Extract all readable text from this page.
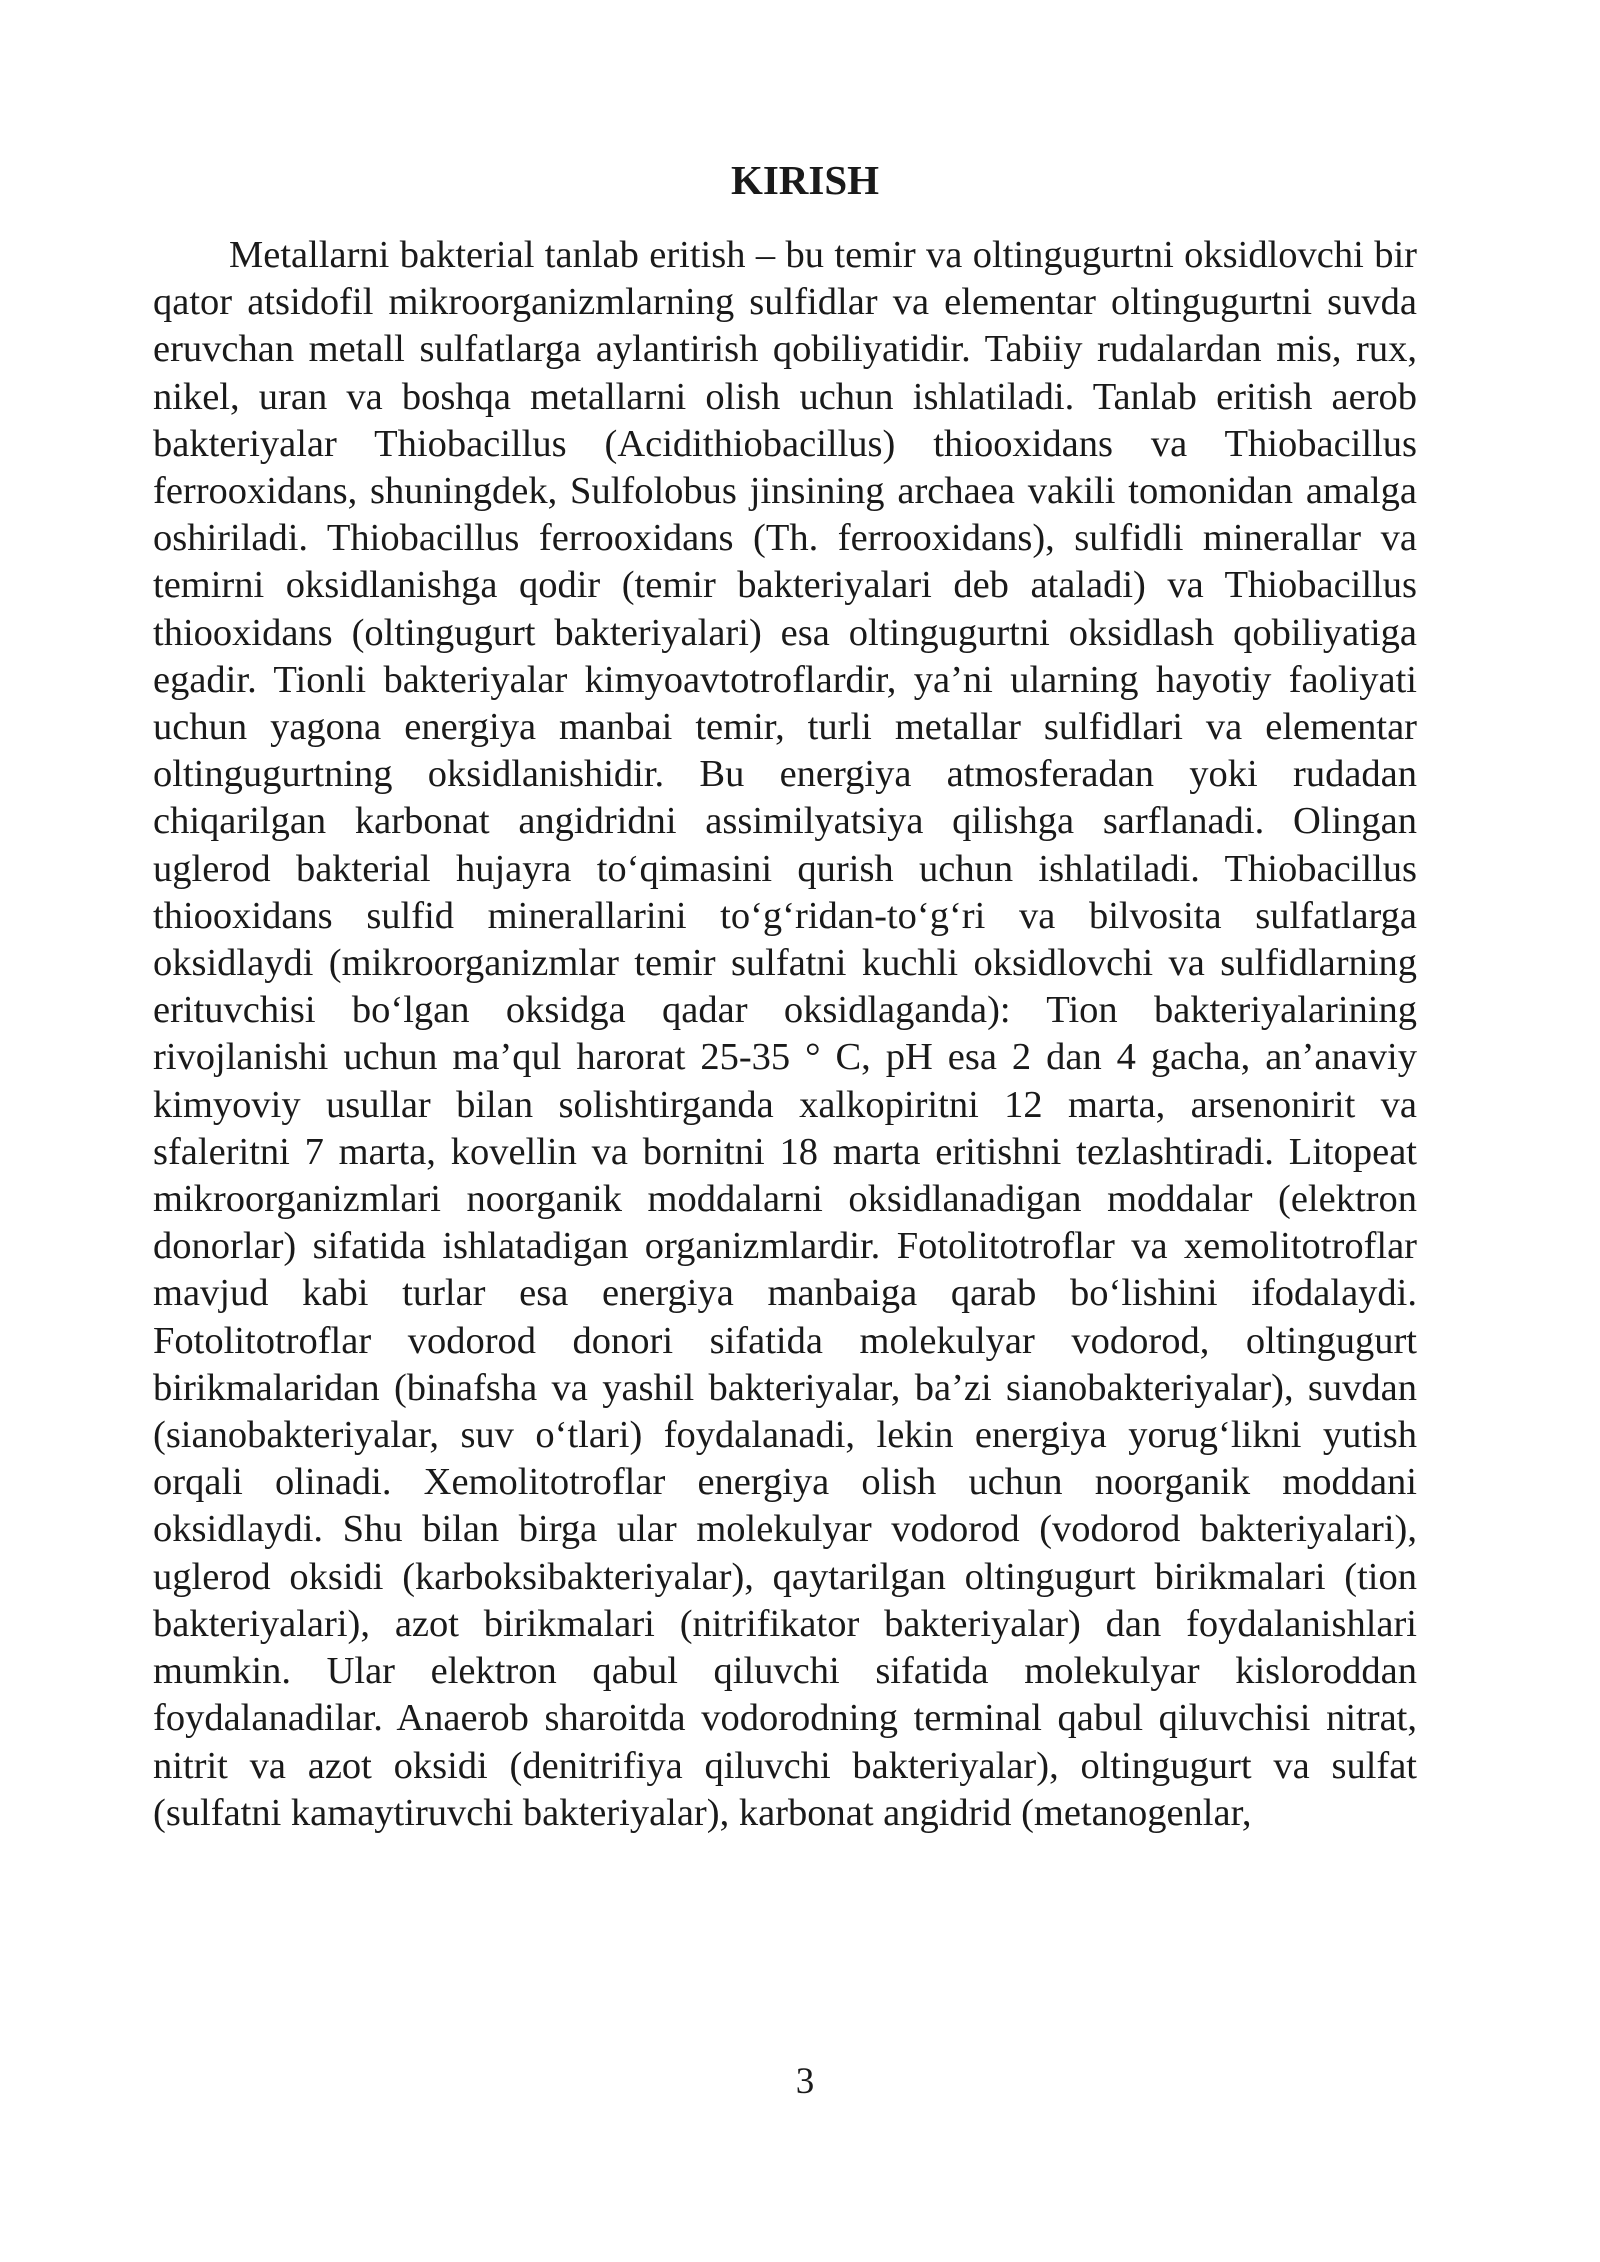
KIRISH

Metallarni bakterial tanlab eritish – bu temir va oltingugurtni oksidlovchi bir qator atsidofil mikroorganizmlarning sulfidlar va elementar oltingugurtni suvda eruvchan metall sulfatlarga aylantirish qobiliyatidir. Tabiiy rudalardan mis, rux, nikel, uran va boshqa metallarni olish uchun ishlatiladi. Tanlab eritish aerob bakteriyalar Thiobacillus (Acidithiobacillus) thiooxidans va Thiobacillus ferrooxidans, shuningdek, Sulfolobus jinsining archaea vakili tomonidan amalga oshiriladi. Thiobacillus ferrooxidans (Th. ferrooxidans), sulfidli minerallar va temirni oksidlanishga qodir (temir bakteriyalari deb ataladi) va Thiobacillus thiooxidans (oltingugurt bakteriyalari) esa oltingugurtni oksidlash qobiliyatiga egadir. Tionli bakteriyalar kimyoavtotroflardir, ya’ni ularning hayotiy faoliyati uchun yagona energiya manbai temir, turli metallar sulfidlari va elementar oltingugurtning oksidlanishidir. Bu energiya atmosferadan yoki rudadan chiqarilgan karbonat angidridni assimilyatsiya qilishga sarflanadi. Olingan uglerod bakterial hujayra to‘qimasini qurish uchun ishlatiladi. Thiobacillus thiooxidans sulfid minerallarini to‘g‘ridan-to‘g‘ri va bilvosita sulfatlarga oksidlaydi (mikroorganizmlar temir sulfatni kuchli oksidlovchi va sulfidlarning erituvchisi bo‘lgan oksidga qadar oksidlaganda): Tion bakteriyalarining rivojlanishi uchun ma’qul harorat 25-35 ° C, pH esa 2 dan 4 gacha, an’anaviy kimyoviy usullar bilan solishtirganda xalkopiritni 12 marta, arsenonirit va sfaleritni 7 marta, kovellin va bornitni 18 marta eritishni tezlashtiradi. Litopeat mikroorganizmlari noorganik moddalarni oksidlanadigan moddalar (elektron donorlar) sifatida ishlatadigan organizmlardir. Fotolitotroflar va xemolitotroflar mavjud kabi turlar esa energiya manbaiga qarab bo‘lishini ifodalaydi. Fotolitotroflar vodorod donori sifatida molekulyar vodorod, oltingugurt birikmalaridan (binafsha va yashil bakteriyalar, ba’zi sianobakteriyalar), suvdan (sianobakteriyalar, suv o‘tlari) foydalanadi, lekin energiya yorug‘likni yutish orqali olinadi. Xemolitotroflar energiya olish uchun noorganik moddani oksidlaydi. Shu bilan birga ular molekulyar vodorod (vodorod bakteriyalari), uglerod oksidi (karboksibakteriyalar), qaytarilgan oltingugurt birikmalari (tion bakteriyalari), azot birikmalari (nitrifikator bakteriyalar) dan foydalanishlari mumkin. Ular elektron qabul qiluvchi sifatida molekulyar kisloroddan foydalanadilar. Anaerob sharoitda vodorodning terminal qabul qiluvchisi nitrat, nitrit va azot oksidi (denitrifiya qiluvchi bakteriyalar), oltingugurt va sulfat (sulfatni kamaytiruvchi bakteriyalar), karbonat angidrid (metanogenlar,

3
